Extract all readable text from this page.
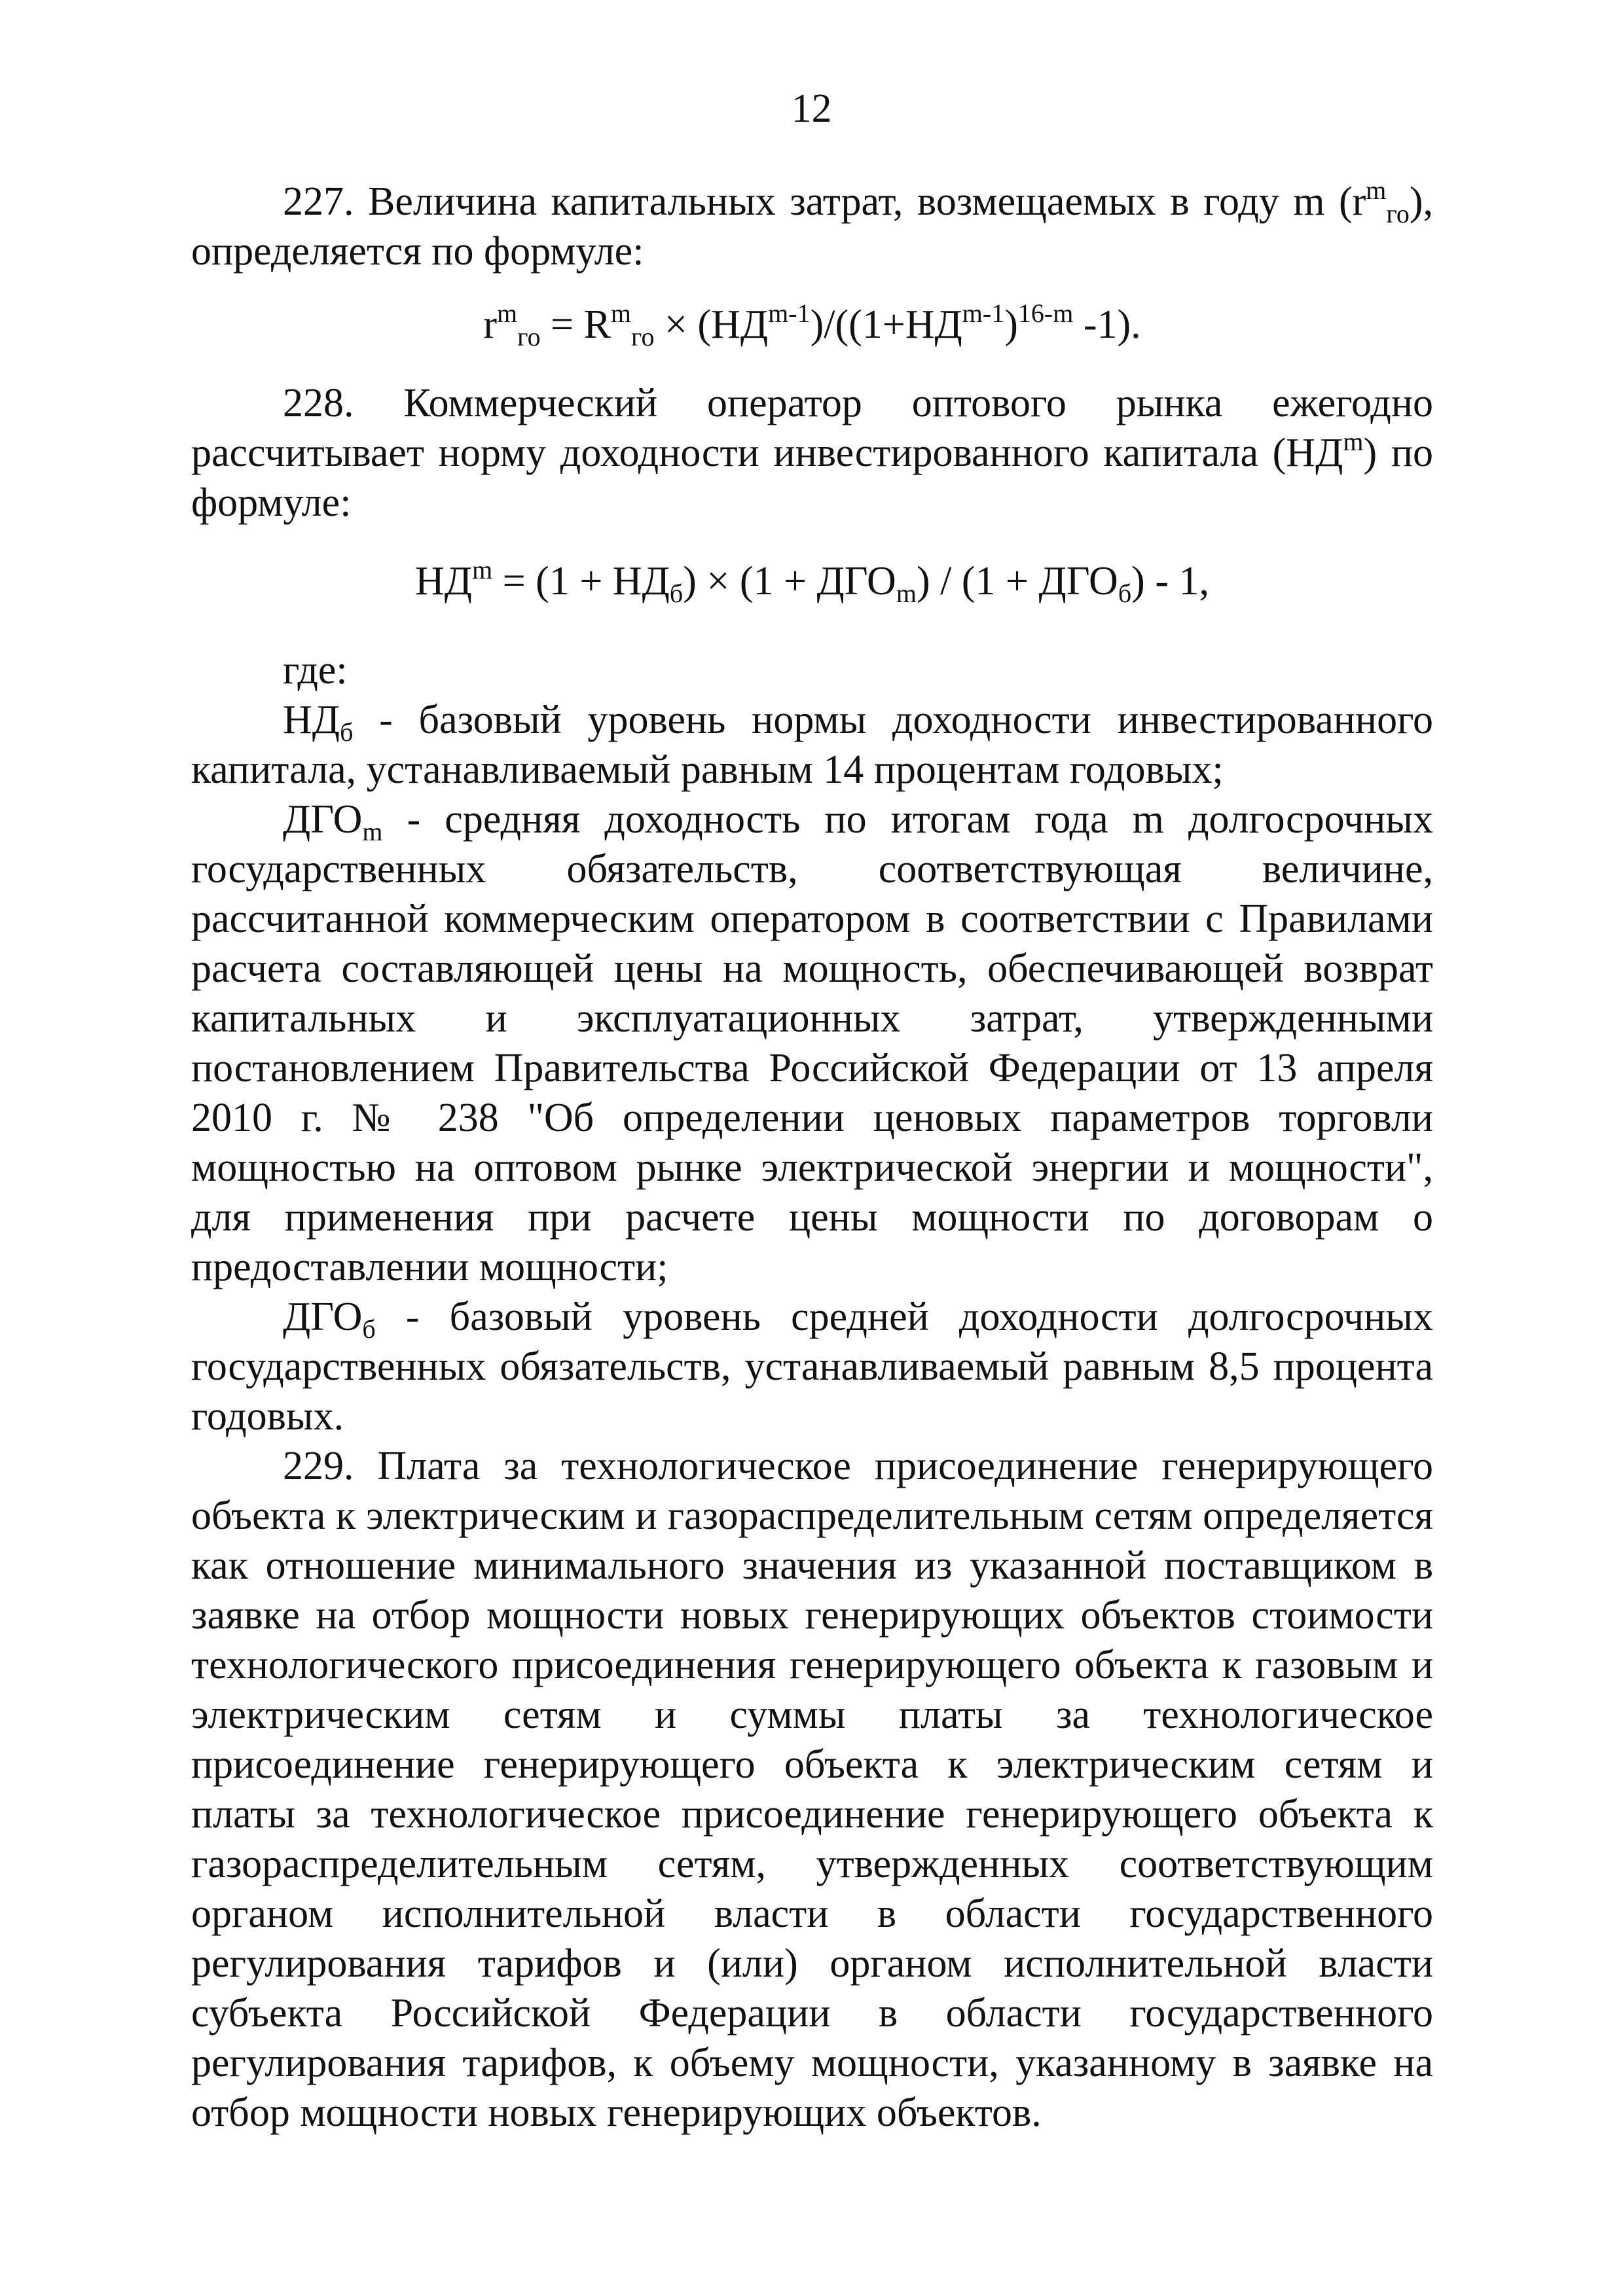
12

227. Величина капитальных затрат, возмещаемых в году m $(r^m_{го})$, определяется по формуле:

$r^m_{го} = R^m_{го} \times (НД^{m-1})/((1+НД^{m-1})^{16-m}$ -1).

228. Коммерческий оператор оптового рынка ежегодно рассчитывает норму доходности инвестированного капитала $(НД^m)$ по формуле:

$НД^m = (1 + НД_б) \times (1 + ДГО_m) / (1 + ДГО_б) - 1$,

где:

$НД_б$ - базовый уровень нормы доходности инвестированного капитала, устанавливаемый равным 14 процентам годовых;

$ДГО_m$ - средняя доходность по итогам года m долгосрочных государственных обязательств, соответствующая величине, рассчитанной коммерческим оператором в соответствии с Правилами расчета составляющей цены на мощность, обеспечивающей возврат капитальных и эксплуатационных затрат, утвержденными постановлением Правительства Российской Федерации от 13 апреля 2010 г. № 238 "Об определении ценовых параметров торговли мощностью на оптовом рынке электрической энергии и мощности", для применения при расчете цены мощности по договорам о предоставлении мощности;

$ДГО_б$ - базовый уровень средней доходности долгосрочных государственных обязательств, устанавливаемый равным 8,5 процента годовых.

229. Плата за технологическое присоединение генерирующего объекта к электрическим и газораспределительным сетям определяется как отношение минимального значения из указанной поставщиком в заявке на отбор мощности новых генерирующих объектов стоимости технологического присоединения генерирующего объекта к газовым и электрическим сетям и суммы платы за технологическое присоединение генерирующего объекта к электрическим сетям и платы за технологическое присоединение генерирующего объекта к газораспределительным сетям, утвержденных соответствующим органом исполнительной власти в области государственного регулирования тарифов и (или) органом исполнительной власти субъекта Российской Федерации в области государственного регулирования тарифов, к объему мощности, указанному в заявке на отбор мощности новых генерирующих объектов.
